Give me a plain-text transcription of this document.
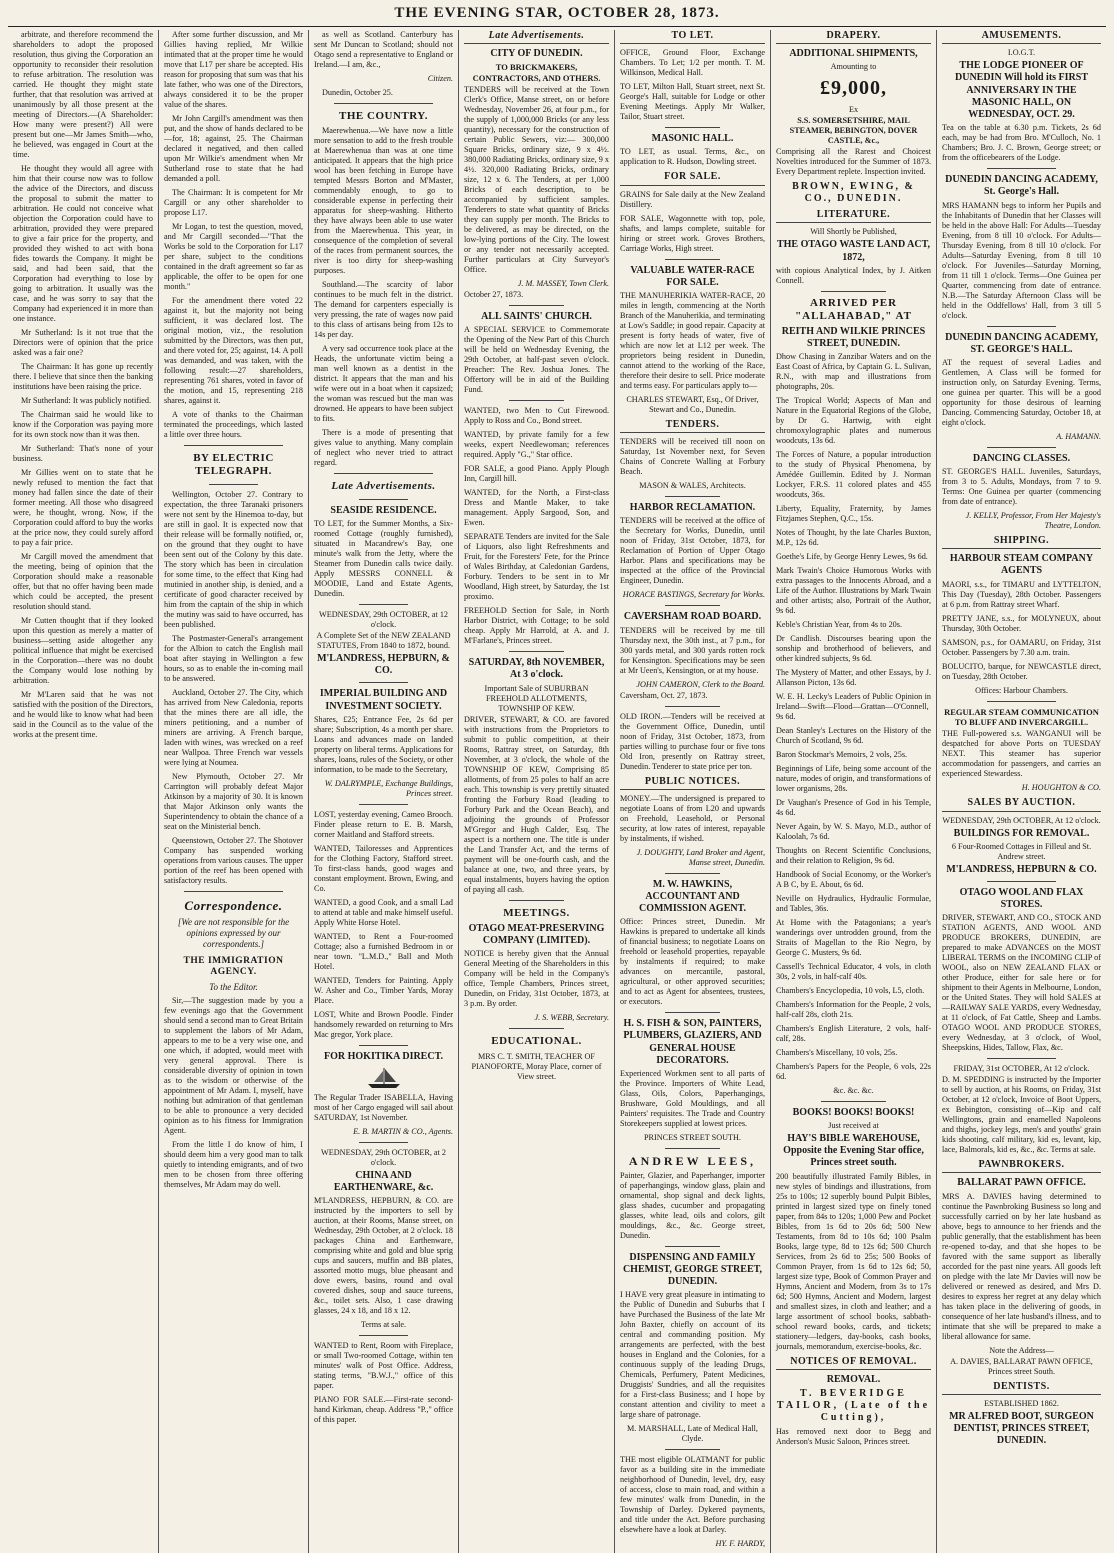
THE EVENING STAR, OCTOBER 28, 1873.

arbitrate, and therefore recommend the shareholders to adopt the proposed resolution, thus giving the Corporation an opportunity to reconsider their resolution to refuse arbitration. The resolution was carried. He thought they might state further, that that resolution was arrived at unanimously by all those present at the meeting of Directors.—(A Shareholder: How many were present?) All were present but one—Mr James Smith—who, he believed, was engaged in Court at the time.

He thought they would all agree with him that their course now was to follow the advice of the Directors, and discuss the proposal to submit the matter to arbitration. He could not conceive what objection the Corporation could have to arbitration, provided they were prepared to give a fair price for the property, and provided they wished to act with bona fides towards the Company. It might be said, and had been said, that the Corporation had everything to lose by going to arbitration. It usually was the case, and he was sorry to say that the Company had experienced it in more than one instance.

Mr Sutherland: Is it not true that the Directors were of opinion that the price asked was a fair one?

The Chairman: It has gone up recently there. I believe that since then the banking institutions have been raising the price.

Mr Sutherland: It was publicly notified.

The Chairman said he would like to know if the Corporation was paying more for its own stock now than it was then.

Mr Sutherland: That's none of your business.

Mr Gillies went on to state that he newly refused to mention the fact that money had fallen since the date of their former meeting. All those who disagreed were, he thought, wrong. Now, if the Corporation could afford to buy the works at the price now, they could surely afford to pay a fair price.

Mr Cargill moved the amendment that the meeting, being of opinion that the Corporation should make a reasonable offer, but that no offer having been made which could be accepted, the present resolution should stand.

Mr Cutten thought that if they looked upon this question as merely a matter of business—setting aside altogether any political influence that might be exercised in the Corporation—there was no doubt the Company would lose nothing by arbitration.

Mr M'Laren said that he was not satisfied with the position of the Directors, and he would like to know what had been said in the Council as to the value of the works at the present time.

After some further discussion, and Mr Gillies having replied, Mr Wilkie intimated that at the proper time he would move that L17 per share be accepted. His reason for proposing that sum was that his late father, who was one of the Directors, always considered it to be the proper value of the shares.

Mr John Cargill's amendment was then put, and the show of hands declared to be—for, 18; against, 25. The Chairman declared it negatived, and then called upon Mr Wilkie's amendment when Mr Sutherland rose to state that he had demanded a poll.

The Chairman: It is competent for Mr Cargill or any other shareholder to propose L17.

Mr Logan, to test the question, moved, and Mr Cargill seconded—"That the Works be sold to the Corporation for L17 per share, subject to the conditions contained in the draft agreement so far as applicable, the offer to be open for one month."

For the amendment there voted 22 against it, but the majority not being sufficient, it was declared lost. The original motion, viz., the resolution submitted by the Directors, was then put, and there voted for, 25; against, 14. A poll was demanded, and was taken, with the following result:—27 shareholders, representing 761 shares, voted in favor of the motion, and 15, representing 218 shares, against it.

A vote of thanks to the Chairman terminated the proceedings, which lasted a little over three hours.

BY ELECTRIC TELEGRAPH.

Wellington, October 27. Contrary to expectation, the three Taranaki prisoners were not sent by the Hinemoa to-day, but are still in gaol. It is expected now that their release will be formally notified, or, on the ground that they ought to have been sent out of the Colony by this date. The story which has been in circulation for some time, to the effect that King had mutinied in another ship, is denied, and a certificate of good character received by him from the captain of the ship in which the mutiny was said to have occurred, has been published.

The Postmaster-General's arrangement for the Albion to catch the English mail boat after staying in Wellington a few hours, so as to enable the in-coming mail to be answered.

Auckland, October 27. The City, which has arrived from New Caledonia, reports that the mines there are all idle, the miners petitioning, and a number of miners are arriving. A French barque, laden with wines, was wrecked on a reef near Wallpoa. Three French war vessels were lying at Noumea.

New Plymouth, October 27. Mr Carrington will probably defeat Major Atkinson by a majority of 30. It is known that Major Atkinson only wants the Superintendency to obtain the chance of a seat on the Ministerial bench.

Queenstown, October 27. The Shotover Company has suspended working operations from various causes. The upper portion of the reef has been opened with satisfactory results.

Correspondence.
[We are not responsible for the opinions expressed by our correspondents.]
THE IMMIGRATION AGENCY.
To the Editor.

Sir,—The suggestion made by you a few evenings ago that the Government should send a second man to Great Britain to supplement the labors of Mr Adam, appears to me to be a very wise one, and one which, if adopted, would meet with very general approval. There is considerable diversity of opinion in town as to the wisdom or otherwise of the appointment of Mr Adam. I, myself, have nothing but admiration of that gentleman to be able to pronounce a very decided opinion as to his fitness for Immigration Agent.

From the little I do know of him, I should deem him a very good man to talk quietly to intending emigrants, and of two men to be chosen from three offering themselves, Mr Adam may do well.

as well as Scotland. Canterbury has sent Mr Duncan to Scotland; should not Otago send a representative to England or Ireland.—I am, &c.,

Citizen.

Dunedin, October 25.

THE COUNTRY.

Maerewhenua.—We have now a little more sensation to add to the fresh trouble at Maerewhenua than was at one time anticipated. It appears that the high price wool has been fetching in Europe have tempted Messrs Borton and M'Master, commendably enough, to go to considerable expense in perfecting their apparatus for sheep-washing. Hitherto they have always been able to use water from the Maerewhenua. This year, in consequence of the completion of several of the races from permanent sources, the river is too dirty for sheep-washing purposes.

Southland.—The scarcity of labor continues to be much felt in the district. The demand for carpenters especially is very pressing, the rate of wages now paid to this class of artisans being from 12s to 14s per day.

A very sad occurrence took place at the Heads, the unfortunate victim being a man well known as a dentist in the district. It appears that the man and his wife were out in a boat when it capsized; the woman was rescued but the man was drowned. He appears to have been subject to fits.

There is a mode of presenting that gives value to anything. Many complain of neglect who never tried to attract regard.

Late Advertisements.
SEASIDE RESIDENCE.

TO LET, for the Summer Months, a Six-roomed Cottage (roughly furnished), situated in Macandrew's Bay, one minute's walk from the Jetty, where the Steamer from Dunedin calls twice daily. Apply MESSRS CONNELL & MOODIE, Land and Estate Agents, Dunedin.

WEDNESDAY, 29th OCTOBER, at 12 o'clock.
A Complete Set of the NEW ZEALAND STATUTES, From 1840 to 1872, bound.
M'LANDRESS, HEPBURN, & CO.
IMPERIAL BUILDING AND INVESTMENT SOCIETY.

Shares, £25; Entrance Fee, 2s 6d per share; Subscription, 4s a month per share. Loans and advances made on landed property on liberal terms. Applications for shares, loans, rules of the Society, or other information, to be made to the Secretary,

W. DALRYMPLE, Exchange Buildings, Princes street.

LOST, yesterday evening, Cameo Brooch. Finder please return to E. B. Marsh, corner Maitland and Stafford streets.

WANTED, Tailoresses and Apprentices for the Clothing Factory, Stafford street. To first-class hands, good wages and constant employment. Brown, Ewing, and Co.

WANTED, a good Cook, and a small Lad to attend at table and make himself useful. Apply White Horse Hotel.

WANTED, to Rent a Four-roomed Cottage; also a furnished Bedroom in or near town. "L.M.D.," Ball and Moth Hotel.

WANTED, Tenders for Painting. Apply W. Asher and Co., Timber Yards, Moray Place.

LOST, White and Brown Poodle. Finder handsomely rewarded on returning to Mrs Mac gregor, York place.

FOR HOKITIKA DIRECT.

The Regular Trader ISABELLA, Having most of her Cargo engaged will sail about SATURDAY, 1st November.

E. B. MARTIN & CO., Agents.
WEDNESDAY, 29th OCTOBER, at 2 o'clock.
CHINA AND EARTHENWARE, &c.

M'LANDRESS, HEPBURN, & CO. are instructed by the importers to sell by auction, at their Rooms, Manse street, on Wednesday, 29th October, at 2 o'clock. 18 packages China and Earthenware, comprising white and gold and blue sprig cups and saucers, muffin and BB plates, assorted motto mugs, blue pheasant and dove ewers, basins, round and oval covered dishes, soup and sauce tureens, &c., toilet sets. Also, 1 case drawing glasses, 24 x 18, and 18 x 12.

Terms at sale.

WANTED to Rent, Room with Fireplace, or small Two-roomed Cottage, within ten minutes' walk of Post Office. Address, stating terms, "B.W.J.," office of this paper.

PIANO FOR SALE.—First-rate second-hand Kirkman, cheap. Address "P.," office of this paper.

Late Advertisements.
CITY OF DUNEDIN.
TO BRICKMAKERS, CONTRACTORS, AND OTHERS.

TENDERS will be received at the Town Clerk's Office, Manse street, on or before Wednesday, November 26, at four p.m., for the supply of 1,000,000 Bricks (or any less quantity), necessary for the construction of certain Public Sewers, viz:— 300,000 Square Bricks, ordinary size, 9 x 4½. 380,000 Radiating Bricks, ordinary size, 9 x 4½. 320,000 Radiating Bricks, ordinary size, 12 x 6. The Tenders, at per 1,000 Bricks of each description, to be accompanied by sufficient samples. Tenderers to state what quantity of Bricks they can supply per month. The Bricks to be delivered, as may be directed, on the low-lying portions of the City. The lowest or any tender not necessarily accepted. Further particulars at City Surveyor's Office.

J. M. MASSEY, Town Clerk.
October 27, 1873.
ALL SAINTS' CHURCH.

A SPECIAL SERVICE to Commemorate the Opening of the New Part of this Church will be held on Wednesday Evening, the 29th October, at half-past seven o'clock. Preacher: The Rev. Joshua Jones. The Offertory will be in aid of the Building Fund.

WANTED, two Men to Cut Firewood. Apply to Ross and Co., Bond street.

WANTED, by private family for a few weeks, expert Needlewoman; references required. Apply "G.," Star office.

FOR SALE, a good Piano. Apply Plough Inn, Cargill hill.

WANTED, for the North, a First-class Dress and Mantle Maker, to take management. Apply Sargood, Son, and Ewen.

SEPARATE Tenders are invited for the Sale of Liquors, also light Refreshments and Fruit, for the Foresters' Fete, for the Prince of Wales Birthday, at Caledonian Gardens, Forbury. Tenders to be sent in to Mr Woodland, High street, by Saturday, the 1st proximo.

FREEHOLD Section for Sale, in North Harbor District, with Cottage; to be sold cheap. Apply Mr Harrold, at A. and J. M'Farlane's, Princes street.

SATURDAY, 8th NOVEMBER, At 3 o'clock.
Important Sale of SUBURBAN FREEHOLD ALLOTMENTS, TOWNSHIP OF KEW.

DRIVER, STEWART, & CO. are favored with instructions from the Proprietors to submit to public competition, at their Rooms, Rattray street, on Saturday, 8th November, at 3 o'clock, the whole of the TOWNSHIP OF KEW, Comprising 85 allotments, of from 25 poles to half an acre each. This township is very prettily situated fronting the Forbury Road (leading to Forbury Park and the Ocean Beach), and adjoining the grounds of Professor M'Gregor and Hugh Calder, Esq. The aspect is a northern one. The title is under the Land Transfer Act, and the terms of payment will be one-fourth cash, and the balance at one, two, and three years, by equal instalments, buyers having the option of paying all cash.

MEETINGS.
OTAGO MEAT-PRESERVING COMPANY (LIMITED).

NOTICE is hereby given that the Annual General Meeting of the Shareholders in this Company will be held in the Company's office, Temple Chambers, Princes street, Dunedin, on Friday, 31st October, 1873, at 3 p.m. By order.

J. S. WEBB, Secretary.
EDUCATIONAL.
MRS C. T. SMITH, TEACHER OF PIANOFORTE, Moray Place, corner of View street.
TO LET.

OFFICE, Ground Floor, Exchange Chambers. To Let; 1/2 per month. T. M. Wilkinson, Medical Hall.

TO LET, Milton Hall, Stuart street, next St. George's Hall, suitable for Lodge or other Evening Meetings. Apply Mr Walker, Tailor, Stuart street.

MASONIC HALL.

TO LET, as usual. Terms, &c., on application to R. Hudson, Dowling street.

FOR SALE.

GRAINS for Sale daily at the New Zealand Distillery.

FOR SALE, Wagonnette with top, pole, shafts, and lamps complete, suitable for hiring or street work. Groves Brothers, Carriage Works, High street.

VALUABLE WATER-RACE FOR SALE.

THE MANUHERIKIA WATER-RACE, 20 miles in length, commencing at the North Branch of the Manuherikia, and terminating at Low's Saddle; in good repair. Capacity at present is forty heads of water, five of which are now let at L12 per week. The proprietors being resident in Dunedin, cannot attend to the working of the Race, therefore their desire to sell. Price moderate and terms easy. For particulars apply to—

CHARLES STEWART, Esq., Of Driver, Stewart and Co., Dunedin.
TENDERS.

TENDERS will be received till noon on Saturday, 1st November next, for Seven Chains of Concrete Walling at Forbury Beach.

MASON & WALES, Architects.
HARBOR RECLAMATION.

TENDERS will be received at the office of the Secretary for Works, Dunedin, until noon of Friday, 31st October, 1873, for Reclamation of Portion of Upper Otago Harbor. Plans and specifications may be inspected at the office of the Provincial Engineer, Dunedin.

HORACE BASTINGS, Secretary for Works.
CAVERSHAM ROAD BOARD.

TENDERS will be received by me till Thursday next, the 30th inst., at 7 p.m., for 300 yards metal, and 300 yards rotten rock for Kensington. Specifications may be seen at Mr Ueen's, Kensington, or at my house.

JOHN CAMERON, Clerk to the Board.
Caversham, Oct. 27, 1873.

OLD IRON.—Tenders will be received at the Government Office, Dunedin, until noon of Friday, 31st October, 1873, from parties willing to purchase four or five tons Old Iron, presently on Rattray street, Dunedin. Tenderer to state price per ton.

PUBLIC NOTICES.

MONEY.—The undersigned is prepared to negotiate Loans of from L20 and upwards on Freehold, Leasehold, or Personal security, at low rates of interest, repayable by instalments, if wished.

J. DOUGHTY, Land Broker and Agent, Manse street, Dunedin.
M. W. HAWKINS, ACCOUNTANT AND COMMISSION AGENT.

Office: Princes street, Dunedin. Mr Hawkins is prepared to undertake all kinds of financial business; to negotiate Loans on freehold or leasehold properties, repayable by instalments if required; to make advances on mercantile, pastoral, agricultural, or other approved securities; and to act as Agent for absentees, trustees, or executors.

H. S. FISH & SON, PAINTERS, PLUMBERS, GLAZIERS, AND GENERAL HOUSE DECORATORS.

Experienced Workmen sent to all parts of the Province. Importers of White Lead, Glass, Oils, Colors, Paperhangings, Brushware, Gold Mouldings, and all Painters' requisites. The Trade and Country Storekeepers supplied at lowest prices.

PRINCES STREET SOUTH.
ANDREW LEES,

Painter, Glazier, and Paperhanger, importer of paperhangings, window glass, plain and ornamental, shop signal and deck lights, glass shades, cucumber and propagating glasses, white lead, oils and colors, gilt mouldings, &c., &c. George street, Dunedin.

DISPENSING AND FAMILY CHEMIST, GEORGE STREET, DUNEDIN.

I HAVE very great pleasure in intimating to the Public of Dunedin and Suburbs that I have Purchased the Business of the late Mr John Baxter, chiefly on account of its central and commanding position. My arrangements are perfected, with the best houses in England and the Colonies, for a continuous supply of the leading Drugs, Chemicals, Perfumery, Patent Medicines, Druggists' Sundries, and all the requisites for a First-class Business; and I hope by constant attention and civility to meet a large share of patronage.

M. MARSHALL, Late of Medical Hall, Clyde.

THE most eligible OLATMANT for public favor as a building site in the immediate neighborhood of Dunedin, level, dry, easy of access, close to main road, and within a few minutes' walk from Dunedin, in the Township of Darley. Dykered payments, and title under the Act. Before purchasing elsewhere have a look at Darley.

HY. F. HARDY,
DRAPERY.
ADDITIONAL SHIPMENTS,
Amounting to
£9,000,
Ex
S.S. SOMERSETSHIRE, MAIL STEAMER, BEBINGTON, DOVER CASTLE, &c.,

Comprising all the Rarest and Choicest Novelties introduced for the Summer of 1873. Every Department replete. Inspection invited.

BROWN, EWING, & CO., DUNEDIN.
LITERATURE.
Will Shortly be Published,
THE OTAGO WASTE LAND ACT, 1872,

with copious Analytical Index, by J. Aitken Connell.

ARRIVED PER "ALLAHABAD," AT
REITH AND WILKIE PRINCES STREET, DUNEDIN.

Dhow Chasing in Zanzibar Waters and on the East Coast of Africa, by Captain G. L. Sulivan, R.N., with map and illustrations from photographs, 20s.

The Tropical World; Aspects of Man and Nature in the Equatorial Regions of the Globe, by Dr G. Hartwig, with eight chromoxylographic plates and numerous woodcuts, 13s 6d.

The Forces of Nature, a popular introduction to the study of Physical Phenomena, by Amédée Guillemin. Edited by J. Norman Lockyer, F.R.S. 11 colored plates and 455 woodcuts, 36s.

Liberty, Equality, Fraternity, by James Fitzjames Stephen, Q.C., 15s.

Notes of Thought, by the late Charles Buxton, M.P., 12s 6d.

Goethe's Life, by George Henry Lewes, 9s 6d.

Mark Twain's Choice Humorous Works with extra passages to the Innocents Abroad, and a Life of the Author. Illustrations by Mark Twain and other artists; also, Portrait of the Author, 9s 6d.

Keble's Christian Year, from 4s to 20s.

Dr Candlish. Discourses bearing upon the sonship and brotherhood of believers, and other kindred subjects, 9s 6d.

The Mystery of Matter, and other Essays, by J. Allanson Picton, 13s 6d.

W. E. H. Lecky's Leaders of Public Opinion in Ireland—Swift—Flood—Grattan—O'Connell, 9s 6d.

Dean Stanley's Lectures on the History of the Church of Scotland, 9s 6d.

Baron Stockmar's Memoirs, 2 vols, 25s.

Beginnings of Life, being some account of the nature, modes of origin, and transformations of lower organisms, 28s.

Dr Vaughan's Presence of God in his Temple, 4s 6d.

Never Again, by W. S. Mayo, M.D., author of Kaloolah, 7s 6d.

Thoughts on Recent Scientific Conclusions, and their relation to Religion, 9s 6d.

Handbook of Social Economy, or the Worker's A B C, by E. About, 6s 6d.

Neville on Hydraulics, Hydraulic Formulae, and Tables, 36s.

At Home with the Patagonians; a year's wanderings over untrodden ground, from the Straits of Magellan to the Rio Negro, by George C. Musters, 9s 6d.

Cassell's Technical Educator, 4 vols, in cloth 30s, 2 vols, in half-calf 40s.

Chambers's Encyclopedia, 10 vols, L5, cloth.

Chambers's Information for the People, 2 vols, half-calf 28s, cloth 21s.

Chambers's English Literature, 2 vols, half-calf, 28s.

Chambers's Miscellany, 10 vols, 25s.

Chambers's Papers for the People, 6 vols, 22s 6d.

&c. &c. &c.
BOOKS! BOOKS! BOOKS!
Just received at
HAY'S BIBLE WAREHOUSE, Opposite the Evening Star office, Princes street south.

200 beautifully illustrated Family Bibles, in new styles of bindings and illustrations, from 25s to 100s; 12 superbly bound Pulpit Bibles, printed in largest sized type on finely toned paper, from 84s to 120s; 1,000 Pew and Pocket Bibles, from 1s 6d to 20s 6d; 500 New Testaments, from 8d to 10s 6d; 100 Psalm Books, large type, 8d to 12s 6d; 500 Church Services, from 2s 6d to 25s; 500 Books of Common Prayer, from 1s 6d to 12s 6d; 50, largest size type, Book of Common Prayer and Hymns, Ancient and Modern, from 3s to 17s 6d; 500 Hymns, Ancient and Modern, largest and smallest sizes, in cloth and leather; and a large assortment of school books, sabbath-school reward books, cards, and tickets; stationery—ledgers, day-books, cash books, journals, memorandum, exercise-books, &c.

NOTICES OF REMOVAL.
REMOVAL.
T. BEVERIDGE TAILOR, (Late of the Cutting),

Has removed next door to Begg and Anderson's Music Saloon, Princes street.

AMUSEMENTS.
I.O.G.T.
THE LODGE PIONEER OF DUNEDIN Will hold its FIRST ANNIVERSARY IN THE MASONIC HALL, ON WEDNESDAY, OCT. 29.

Tea on the table at 6.30 p.m. Tickets, 2s 6d each, may be had from Bro. M'Culloch, No. 1 Chambers; Bro. J. C. Brown, George street; or from the officebearers of the Lodge.

DUNEDIN DANCING ACADEMY, St. George's Hall.

MRS HAMANN begs to inform her Pupils and the Inhabitants of Dunedin that her Classes will be held in the above Hall: For Adults—Tuesday Evening, from 8 till 10 o'clock. For Adults—Thursday Evening, from 8 till 10 o'clock. For Adults—Saturday Evening, from 8 till 10 o'clock. For Juveniles—Saturday Morning, from 11 till 1 o'clock. Terms—One Guinea per Quarter, commencing from date of entrance. N.B.—The Saturday Afternoon Class will be held in the Oddfellows' Hall, from 3 till 5 o'clock.

DUNEDIN DANCING ACADEMY, ST. GEORGE'S HALL.

AT the request of several Ladies and Gentlemen, A Class will be formed for instruction only, on Saturday Evening. Terms, one guinea per quarter. This will be a good opportunity for those desirous of learning Dancing. Commencing Saturday, October 18, at eight o'clock.

A. HAMANN.
DANCING CLASSES.

ST. GEORGE'S HALL. Juveniles, Saturdays, from 3 to 5. Adults, Mondays, from 7 to 9. Terms: One Guinea per quarter (commencing from date of entrance).

J. KELLY, Professor, From Her Majesty's Theatre, London.
SHIPPING.
HARBOUR STEAM COMPANY AGENTS

MAORI, s.s., for TIMARU and LYTTELTON, This Day (Tuesday), 28th October. Passengers at 6 p.m. from Rattray street Wharf.

PRETTY JANE, s.s., for MOLYNEUX, about Thursday, 30th October.

SAMSON, p.s., for OAMARU, on Friday, 31st October. Passengers by 7.30 a.m. train.

BOLUCITO, barque, for NEWCASTLE direct, on Tuesday, 28th October.

Offices: Harbour Chambers.
REGULAR STEAM COMMUNICATION TO BLUFF AND INVERCARGILL.

THE Full-powered s.s. WANGANUI will be despatched for above Ports on TUESDAY NEXT. This steamer has superior accommodation for passengers, and carries an experienced Stewardess.

H. HOUGHTON & CO.
SALES BY AUCTION.
WEDNESDAY, 29th OCTOBER, At 12 o'clock.
BUILDINGS FOR REMOVAL.
6 Four-Roomed Cottages in Filleul and St. Andrew street.
M'LANDRESS, HEPBURN & CO.
OTAGO WOOL AND FLAX STORES.

DRIVER, STEWART, AND CO., STOCK AND STATION AGENTS, AND WOOL AND PRODUCE BROKERS, DUNEDIN, are prepared to make ADVANCES on the MOST LIBERAL TERMS on the INCOMING CLIP of WOOL, also on NEW ZEALAND FLAX or other Produce, either for sale here or for shipment to their Agents in Melbourne, London, or the United States. They will hold SALES at—RAILWAY SALE YARDS, every Wednesday, at 11 o'clock, of Fat Cattle, Sheep and Lambs. OTAGO WOOL AND PRODUCE STORES, every Wednesday, at 3 o'clock, of Wool, Sheepskins, Hides, Tallow, Flax, &c.

FRIDAY, 31st OCTOBER, At 12 o'clock.

D. M. SPEDDING is instructed by the Importer to sell by auction, at his Rooms, on Friday, 31st October, at 12 o'clock, Invoice of Boot Uppers, ex Bebington, consisting of—Kip and calf Wellingtons, grain and enamelled Napoleons and thighs, jockey legs, men's and youths' grain kids shooting, calf military, kid es, levant, kip, lace, Balmorals, kid es, &c., &c. Terms at sale.

PAWNBROKERS.
BALLARAT PAWN OFFICE.

MRS A. DAVIES having determined to continue the Pawnbroking Business so long and successfully carried on by her late husband as above, begs to announce to her friends and the public generally, that the establishment has been re-opened to-day, and that she hopes to be favored with the same support as liberally accorded for the past nine years. All goods left on pledge with the late Mr Davies will now be delivered or renewed as desired, and Mrs D. desires to express her regret at any delay which has taken place in the delivering of goods, in consequence of her late husband's illness, and to intimate that she will be prepared to make a liberal allowance for same.

Note the Address—
A. DAVIES, BALLARAT PAWN OFFICE, Princes street South.
DENTISTS.
ESTABLISHED 1862.
MR ALFRED BOOT, SURGEON DENTIST, PRINCES STREET, DUNEDIN.
